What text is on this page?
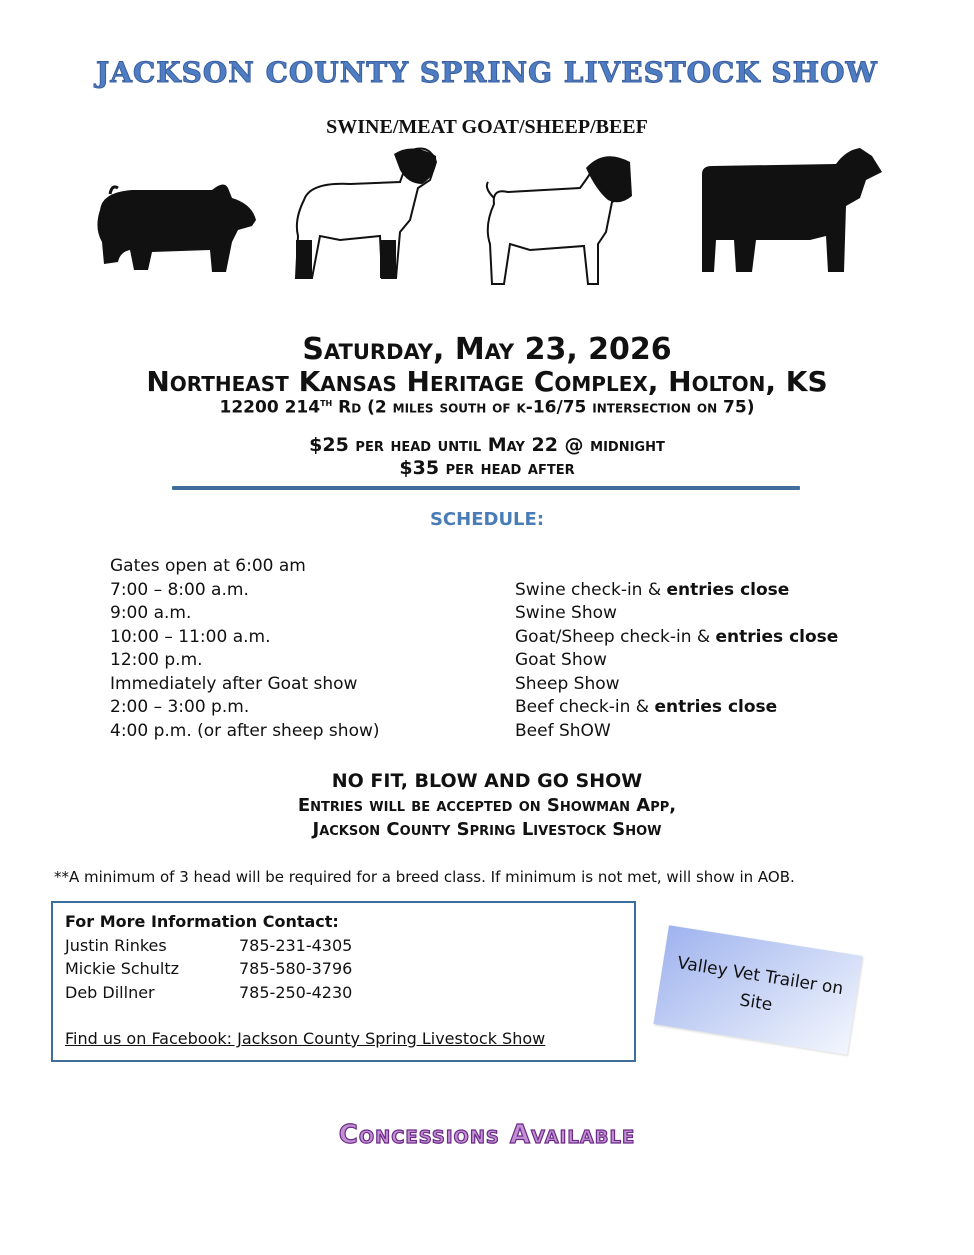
JACKSON COUNTY SPRING LIVESTOCK SHOW
SWINE/MEAT GOAT/SHEEP/BEEF
Saturday, May 23, 2026
Northeast Kansas Heritage Complex, Holton, KS
12200 214th Rd (2 miles south of k-16/75 intersection on 75)
$25 per head until May 22 @ midnight
$35 per head after
SCHEDULE:
Gates open at 6:00 am
7:00 – 8:00 a.m.	Swine check-in & entries close
9:00 a.m.	Swine Show
10:00 – 11:00 a.m.	Goat/Sheep check-in & entries close
12:00 p.m.	Goat Show
Immediately after Goat show	Sheep Show
2:00 – 3:00 p.m.	Beef check-in & entries close
4:00 p.m. (or after sheep show)	Beef ShOW
NO FIT, BLOW AND GO SHOW
Entries will be accepted on Showman App,
Jackson County Spring Livestock Show
**A minimum of 3 head will be required for a breed class. If minimum is not met, will show in AOB.
For More Information Contact:
Justin Rinkes	785-231-4305
Mickie Schultz	785-580-3796
Deb Dillner	785-250-4230
Find us on Facebook: Jackson County Spring Livestock Show
Valley Vet Trailer on Site
Concessions Available
